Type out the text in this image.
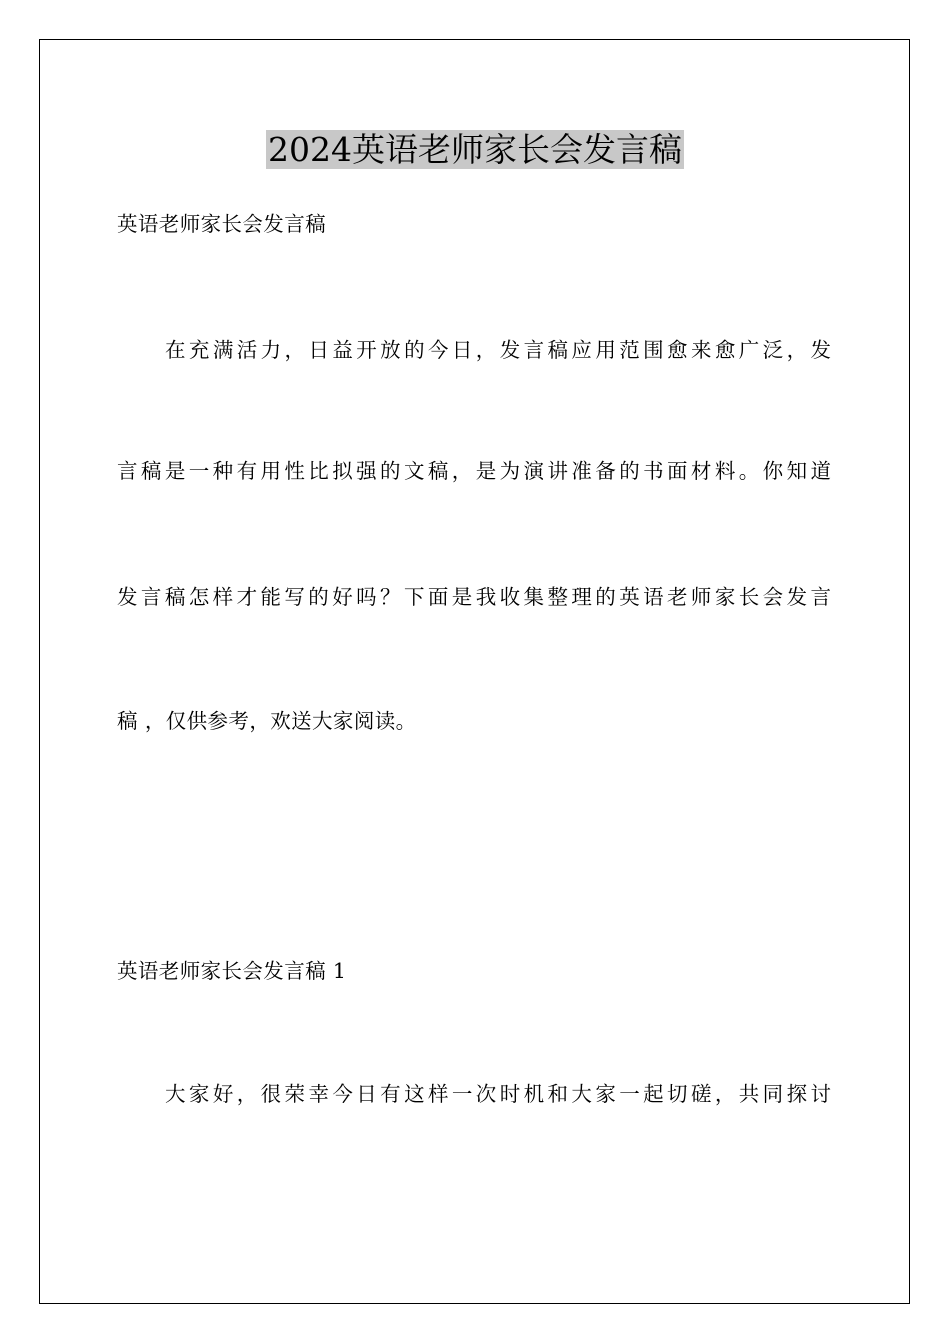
2024英语老师家长会发言稿
英语老师家长会发言稿
在充满活力，日益开放的今日，发言稿应用范围愈来愈广泛，发
言稿是一种有用性比拟强的文稿，是为演讲准备的书面材料。你知道
发言稿怎样才能写的好吗？下面是我收集整理的英语老师家长会发言
稿 ，仅供参考，欢送大家阅读。
英语老师家长会发言稿 1
大家好，很荣幸今日有这样一次时机和大家一起切磋，共同探讨
